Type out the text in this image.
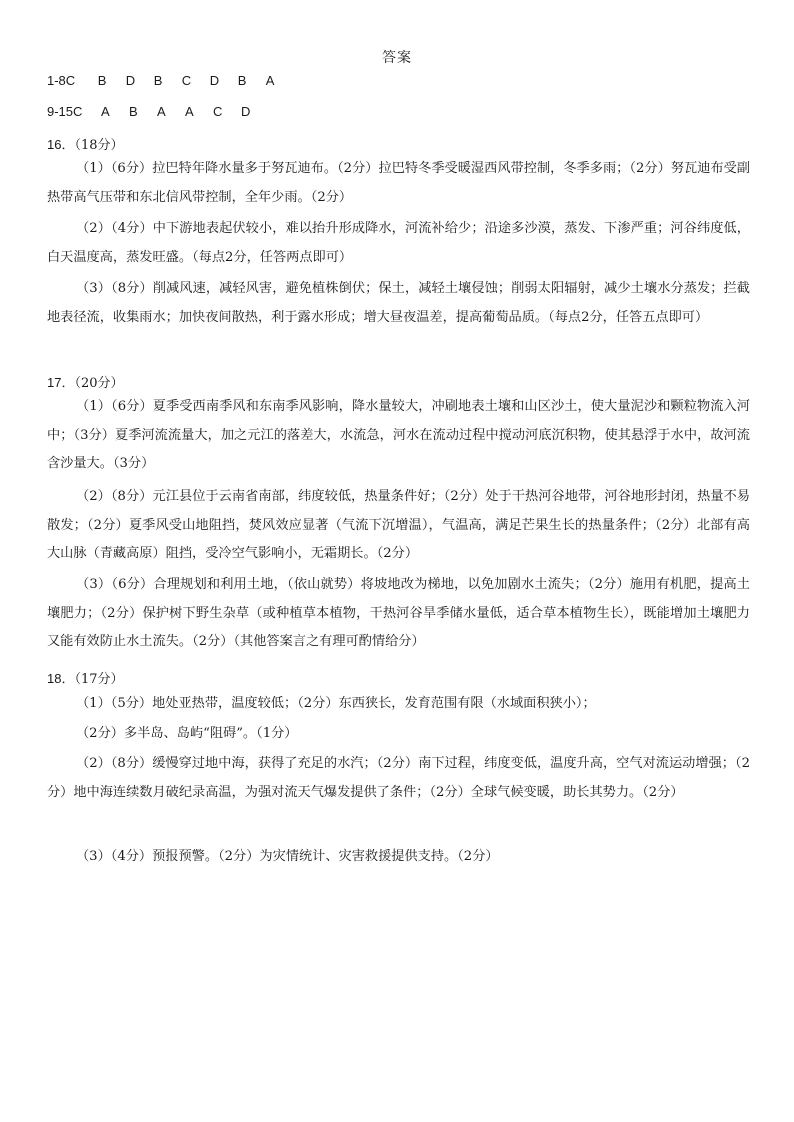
答案
1-8 C	B	D	B	C	D	B	A
9-15 C	A	B	A	A	C	D
16．（18分）

（1）（6分）拉巴特年降水量多于努瓦迪布。（2分）拉巴特冬季受暖湿西风带控制，冬季多雨；（2分）努瓦迪布受副热带高气压带和东北信风带控制，全年少雨。（2分）

（2）（4分）中下游地表起伏较小，难以抬升形成降水，河流补给少；沿途多沙漠，蒸发、下渗严重；河谷纬度低，白天温度高，蒸发旺盛。（每点2分，任答两点即可）

（3）（8分）削减风速，减轻风害，避免植株倒伏；保土，减轻土壤侵蚀；削弱太阳辐射，减少土壤水分蒸发；拦截地表径流，收集雨水；加快夜间散热，利于露水形成；增大昼夜温差，提高葡萄品质。（每点2分，任答五点即可）

17．（20分）

（1）（6分）夏季受西南季风和东南季风影响，降水量较大，冲刷地表土壤和山区沙土，使大量泥沙和颗粒物流入河中；（3分）夏季河流流量大，加之元江的落差大，水流急，河水在流动过程中搅动河底沉积物，使其悬浮于水中，故河流含沙量大。（3分）

（2）（8分）元江县位于云南省南部，纬度较低，热量条件好；（2分）处于干热河谷地带，河谷地形封闭，热量不易散发；（2分）夏季风受山地阻挡，焚风效应显著（气流下沉增温），气温高，满足芒果生长的热量条件；（2分）北部有高大山脉（青藏高原）阻挡，受冷空气影响小，无霜期长。（2分）

（3）（6分）合理规划和利用土地，（依山就势）将坡地改为梯地，以免加剧水土流失；（2分）施用有机肥，提高土壤肥力；（2分）保护树下野生杂草（或种植草本植物，干热河谷旱季储水量低，适合草本植物生长），既能增加土壤肥力又能有效防止水土流失。（2分）（其他答案言之有理可酌情给分）

18．（17分）

（1）（5分）地处亚热带，温度较低；（2分）东西狭长，发育范围有限（水域面积狭小）；

（2分）多半岛、岛屿“阻碍”。（1分）

（2）（8分）缓慢穿过地中海，获得了充足的水汽；（2分）南下过程，纬度变低，温度升高，空气对流运动增强；（2分）地中海连续数月破纪录高温，为强对流天气爆发提供了条件；（2分）全球气候变暖，助长其势力。（2分）

（3）（4分）预报预警。（2分）为灾情统计、灾害救援提供支持。（2分）
